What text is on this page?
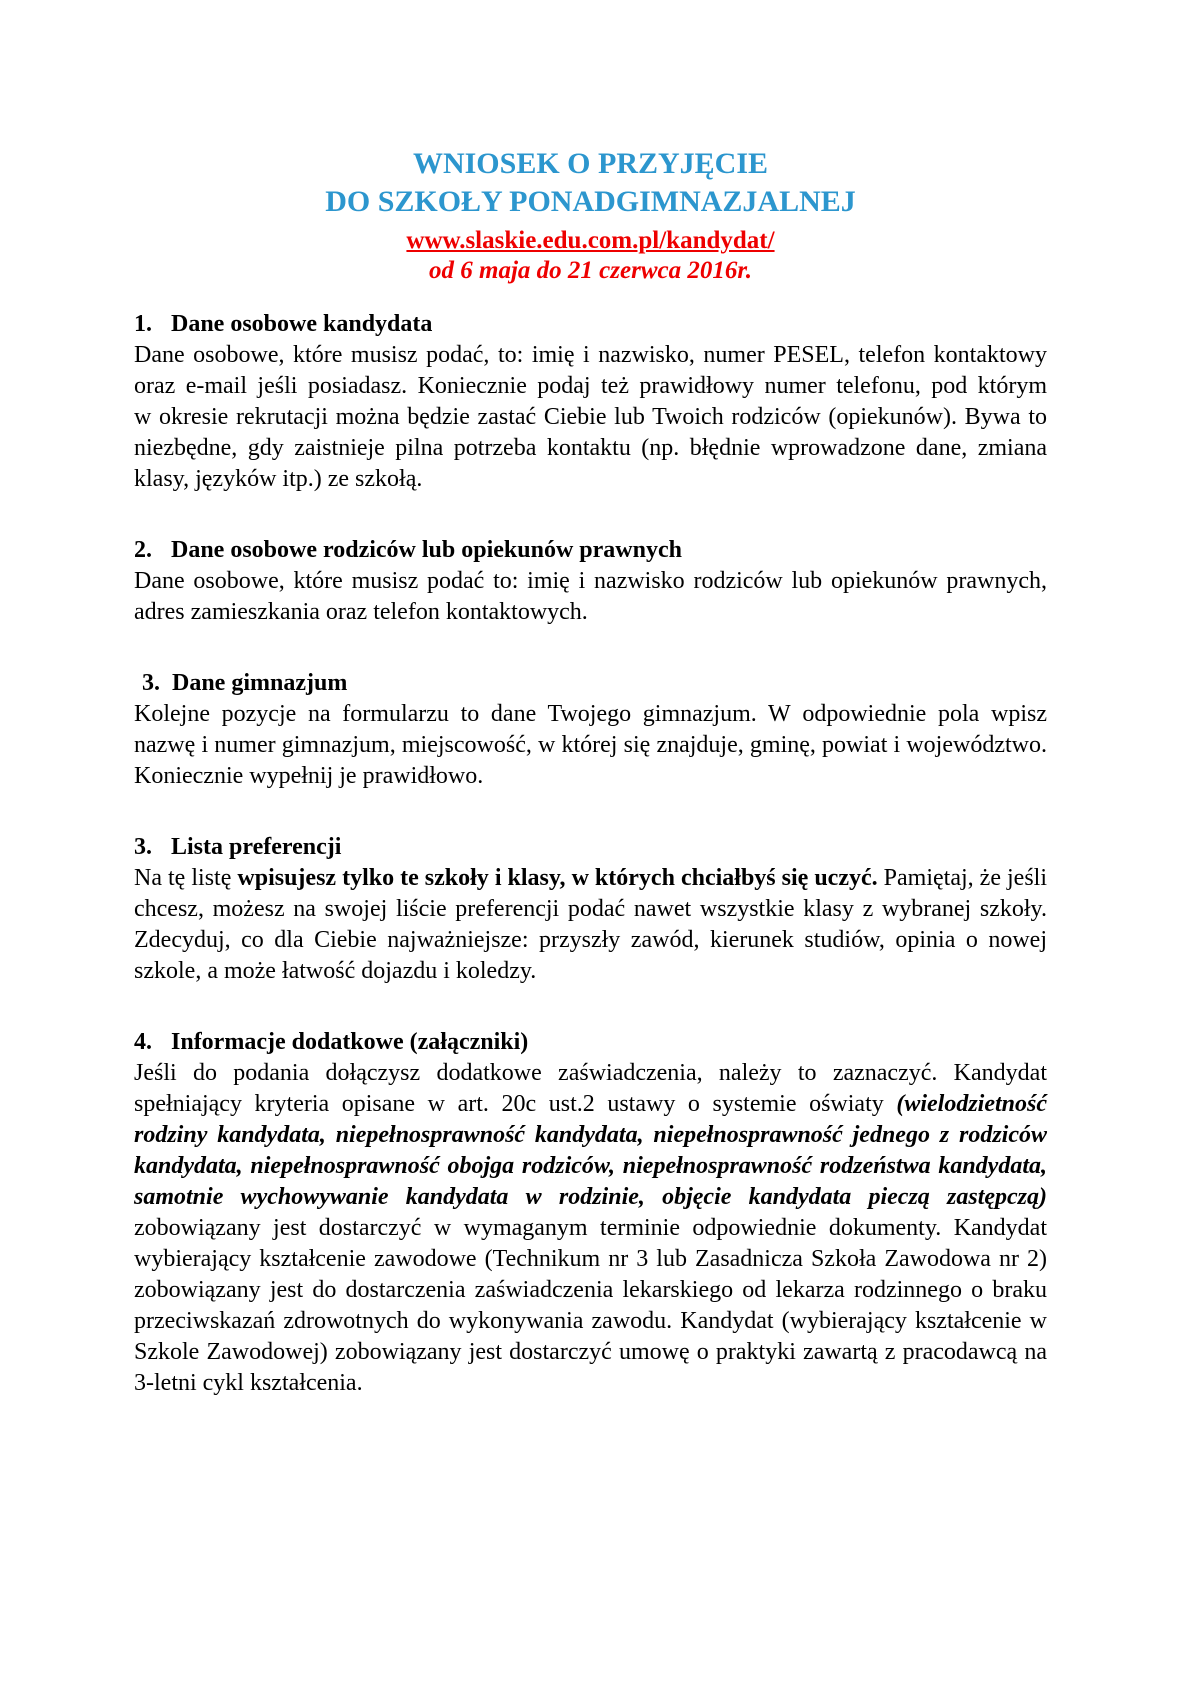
WNIOSEK O PRZYJĘCIE
DO SZKOŁY PONADGIMNAZJALNEJ
www.slaskie.edu.com.pl/kandydat/
od 6 maja do 21 czerwca 2016r.
1. Dane osobowe kandydata

Dane osobowe, które musisz podać, to: imię i nazwisko, numer PESEL, telefon kontaktowy oraz e-mail jeśli posiadasz. Koniecznie podaj też prawidłowy numer telefonu, pod którym w okresie rekrutacji można będzie zastać Ciebie lub Twoich rodziców (opiekunów). Bywa to niezbędne, gdy zaistnieje pilna potrzeba kontaktu (np. błędnie wprowadzone dane, zmiana klasy, języków itp.) ze szkołą.

2. Dane osobowe rodziców lub opiekunów prawnych

Dane osobowe, które musisz podać to: imię i nazwisko rodziców lub opiekunów prawnych, adres zamieszkania oraz telefon kontaktowych.

3. Dane gimnazjum

Kolejne pozycje na formularzu to dane Twojego gimnazjum. W odpowiednie pola wpisz nazwę i numer gimnazjum, miejscowość, w której się znajduje, gminę, powiat i województwo. Koniecznie wypełnij je prawidłowo.

3. Lista preferencji

Na tę listę wpisujesz tylko te szkoły i klasy, w których chciałbyś się uczyć. Pamiętaj, że jeśli chcesz, możesz na swojej liście preferencji podać nawet wszystkie klasy z wybranej szkoły. Zdecyduj, co dla Ciebie najważniejsze: przyszły zawód, kierunek studiów, opinia o nowej szkole, a może łatwość dojazdu i koledzy.

4. Informacje dodatkowe (załączniki)

Jeśli do podania dołączysz dodatkowe zaświadczenia, należy to zaznaczyć. Kandydat spełniający kryteria opisane w art. 20c ust.2 ustawy o systemie oświaty (wielodzietność rodziny kandydata, niepełnosprawność kandydata, niepełnosprawność jednego z rodziców kandydata, niepełnosprawność obojga rodziców, niepełnosprawność rodzeństwa kandydata, samotnie wychowywanie kandydata w rodzinie, objęcie kandydata pieczą zastępczą) zobowiązany jest dostarczyć w wymaganym terminie odpowiednie dokumenty. Kandydat wybierający kształcenie zawodowe (Technikum nr 3 lub Zasadnicza Szkoła Zawodowa nr 2) zobowiązany jest do dostarczenia zaświadczenia lekarskiego od lekarza rodzinnego o braku przeciwskazań zdrowotnych do wykonywania zawodu. Kandydat (wybierający kształcenie w Szkole Zawodowej) zobowiązany jest dostarczyć umowę o praktyki zawartą z pracodawcą na 3-letni cykl kształcenia.
